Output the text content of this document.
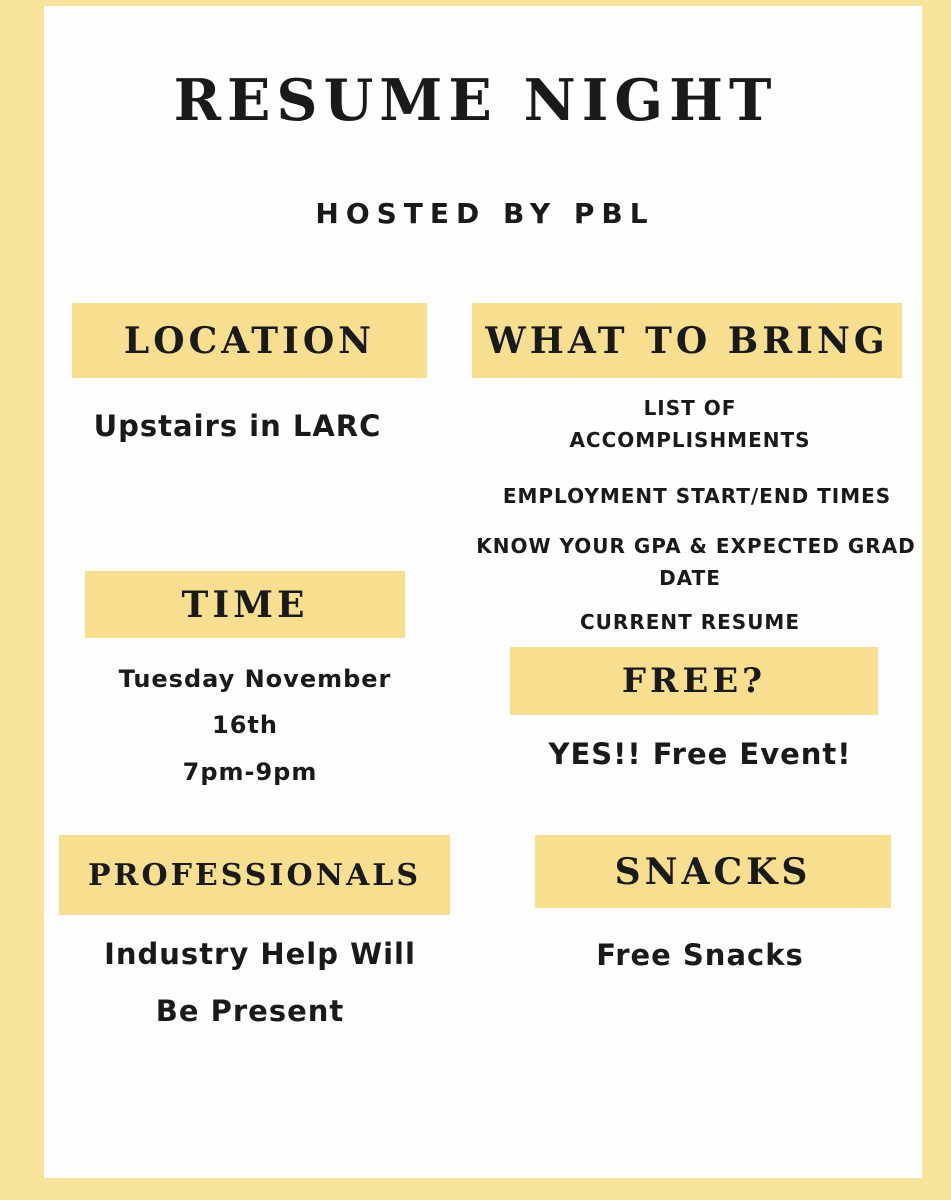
RESUME NIGHT
HOSTED BY PBL
LOCATION
Upstairs in LARC
WHAT TO BRING
LIST OF
ACCOMPLISHMENTS
EMPLOYMENT START/END TIMES
KNOW YOUR GPA & EXPECTED GRAD
DATE
CURRENT RESUME
TIME
Tuesday November
16th
7pm-9pm
FREE?
YES!! Free Event!
PROFESSIONALS
Industry Help Will
Be Present
SNACKS
Free Snacks
